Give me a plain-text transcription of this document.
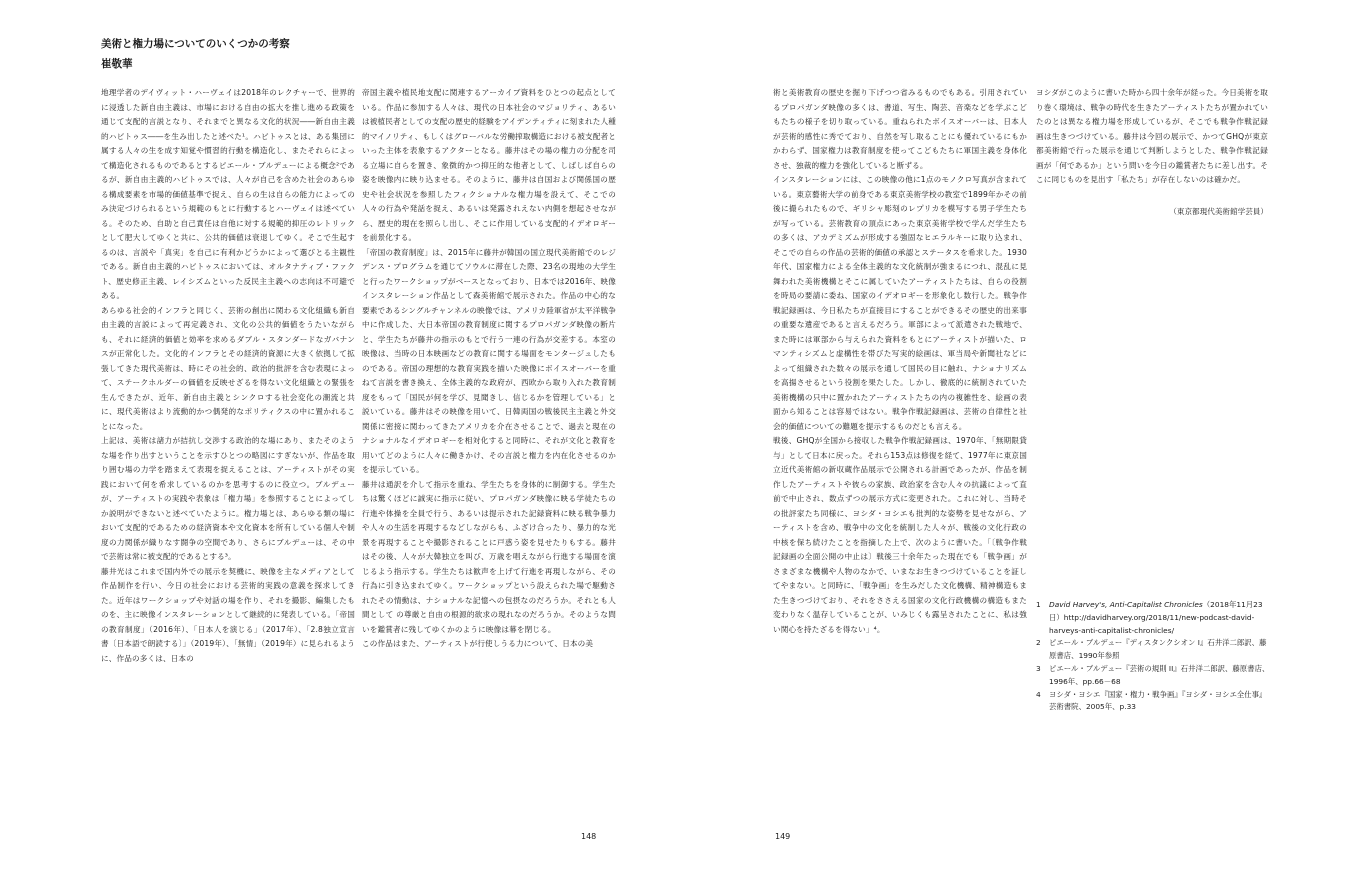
美術と権力場についてのいくつかの考察

崔敬華

地理学者のデイヴィット・ハーヴェイは2018年のレクチャーで、世界的に浸透した新自由主義は、市場における自由の拡大を推し進める政策を通じて支配的言説となり、それまでと異なる文化的状況――新自由主義的ハビトゥス――を生み出したと述べた¹。ハビトゥスとは、ある集団に属する人々の生を成す知覚や慣習的行動を構造化し、またそれらによって構造化されるものであるとするピエール・ブルデューによる概念²であるが、新自由主義的ハビトゥスでは、人々が自己を含めた社会のあらゆる構成要素を市場的価値基準で捉え、自らの生は自らの能力によってのみ決定づけられるという規範のもとに行動するとハーヴェイは述べている。そのため、自助と自己責任は自他に対する規範的抑圧のレトリックとして肥大してゆくと共に、公共的価値は衰退してゆく。そこで生起するのは、言説や「真実」を自己に有利かどうかによって選びとる主観性である。新自由主義的ハビトゥスにおいては、オルタナティブ・ファクト、歴史修正主義、レイシズムといった反民主主義への志向は不可避である。

あらゆる社会的インフラと同じく、芸術の創出に関わる文化組織も新自由主義的言説によって再定義され、文化の公共的価値をうたいながらも、それに経済的価値と効率を求めるダブル・スタンダードなガバナンスが正常化した。文化的インフラとその経済的資源に大きく依拠して拡張してきた現代美術は、時にその社会的、政治的批評を含む表現によって、ステークホルダーの価値を反映せざるを得ない文化組織との緊張を生んできたが、近年、新自由主義とシンクロする社会変化の潮流と共に、現代美術はより流動的かつ偶発的なポリティクスの中に置かれることになった。

上記は、美術は諸力が拮抗し交渉する政治的な場にあり、またそのような場を作り出すということを示すひとつの略図にすぎないが、作品を取り囲む場の力学を踏まえて表現を捉えることは、アーティストがその実践において何を希求しているのかを思考するのに役立つ。ブルデューが、アーティストの実践や表象は「権力場」を参照することによってしか説明ができないと述べていたように。権力場とは、あらゆる類の場において支配的であるための経済資本や文化資本を所有している個人や制度の力関係が織りなす闘争の空間であり、さらにブルデューは、その中で芸術は常に被支配的であるとする³。

藤井光はこれまで国内外での展示を契機に、映像を主なメディアとして作品制作を行い、今日の社会における芸術的実践の意義を探求してきた。近年はワークショップや対話の場を作り、それを撮影、編集したものを、主に映像インスタレーションとして継続的に発表している。「帝国の教育制度」（2016年）、「日本人を演じる」（2017年）、「2.8独立宣言書〔日本語で朗読する〕」（2019年）、「無情」（2019年）に見られるように、作品の多くは、日本の

帝国主義や植民地支配に関連するアーカイブ資料をひとつの起点としている。作品に参加する人々は、現代の日本社会のマジョリティ、あるいは被植民者としての支配の歴史的経験をアイデンティティに刻まれた人種的マイノリティ、もしくはグローバルな労働搾取構造における被支配者といった主体を表象するアクターとなる。藤井はその場の権力の分配を司る立場に自らを置き、象徴的かつ抑圧的な他者として、しばしば自らの姿を映像内に映り込ませる。そのように、藤井は自国および関係国の歴史や社会状況を参照したフィクショナルな権力場を設えて、そこでの人々の行為や発話を捉え、あるいは発露されえない内側を想起させながら、歴史的現在を照らし出し、そこに作用している支配的イデオロギーを前景化する。

「帝国の教育制度」は、2015年に藤井が韓国の国立現代美術館でのレジデンス・プログラムを通じてソウルに滞在した際、23名の現地の大学生と行ったワークショップがベースとなっており、日本では2016年、映像インスタレーション作品として森美術館で展示された。作品の中心的な要素であるシングルチャンネルの映像では、アメリカ陸軍省が太平洋戦争中に作成した、大日本帝国の教育制度に関するプロパガンダ映像の断片と、学生たちが藤井の指示のもとで行う一連の行為が交差する。本室の映像は、当時の日本映画などの教育に関する場面をモンタージュしたものである。帝国の理想的な教育実践を描いた映像にボイスオーバーを重ねて言説を書き換え、全体主義的な政府が、西欧から取り入れた教育制度をもって「国民が何を学び、見聞きし、信じるかを管理している」と説いている。藤井はその映像を用いて、日韓両国の戦後民主主義と外交関係に密接に関わってきたアメリカを介在させることで、過去と現在のナショナルなイデオロギーを相対化すると同時に、それが文化と教育を用いてどのように人々に働きかけ、その言説と権力を内在化させるのかを提示している。

藤井は通訳を介して指示を重ね、学生たちを身体的に制御する。学生たちは驚くほどに誠実に指示に従い、プロパガンダ映像に映る学徒たちの行進や体操を全員で行う、あるいは提示された記録資料に映る戦争暴力や人々の生活を再現するなどしながらも、ふざけ合ったり、暴力的な光景を再現することや撮影されることに戸惑う姿を見せたりもする。藤井はその後、人々が大韓独立を叫び、万歳を唱えながら行進する場面を演じるよう指示する。学生たちは歓声を上げて行進を再現しながら、その行為に引き込まれてゆく。ワークショップという設えられた場で駆動されたその情動は、ナショナルな記憶への包摂なのだろうか。それとも人間として の尊厳と自由の根源的欲求の現れなのだろうか。そのような問いを鑑賞者に残してゆくかのように映像は幕を閉じる。

この作品はまた、アーティストが行使しうる力について、日本の美

術と美術教育の歴史を掘り下げつつ省みるものでもある。引用されているプロパガンダ映像の多くは、書道、写生、陶芸、音楽などを学ぶこどもたちの様子を切り取っている。重ねられたボイスオーバーは、日本人が芸術的感性に秀でており、自然を写し取ることにも優れているにもかかわらず、国家権力は教育制度を使ってこどもたちに軍国主義を身体化させ、独裁的権力を強化していると断ずる。

インスタレーションには、この映像の他に1点のモノクロ写真が含まれている。東京藝術大学の前身である東京美術学校の教室で1899年かその前後に撮られたもので、ギリシャ彫刻のレプリカを模写する男子学生たちが写っている。芸術教育の頂点にあった東京美術学校で学んだ学生たちの多くは、アカデミズムが形成する強固なヒエラルキーに取り込まれ、そこでの自らの作品の芸術的価値の承認とステータスを希求した。1930年代、国家権力による全体主義的な文化統制が強まるにつれ、混乱に見舞われた美術機構とそこに属していたアーティストたちは、自らの役割を時局の要請に委ね、国家のイデオロギーを形象化し数行した。戦争作戦記録画は、今日私たちが直接目にすることができるその歴史的出来事の重要な遺産であると言えるだろう。軍部によって派遣された戦地で、また時には軍部から与えられた資料をもとにアーティストが描いた、ロマンティシズムと虚構性を帯びた写実的絵画は、軍当局や新聞社などによって組織された数々の展示を通して国民の目に触れ、ナショナリズムを高揚させるという役割を果たした。しかし、徹底的に統制されていた美術機構の只中に置かれたアーティストたちの内の複雑性を、絵画の表面から知ることは容易ではない。戦争作戦記録画は、芸術の自律性と社会的価値についての難題を提示するものだとも言える。

戦後、GHQが全国から接収した戦争作戦記録画は、1970年、「無期限貸与」として日本に戻った。それら153点は修復を経て、1977年に東京国立近代美術館の新収蔵作品展示で公開される計画であったが、作品を制作したアーティストや彼らの家族、政治家を含む人々の抗議によって直前で中止され、数点ずつの展示方式に変更された。これに対し、当時その批評家たち同様に、ヨシダ・ヨシエも批判的な姿勢を見せながら、アーティストを含め、戦争中の文化を統制した人々が、戦後の文化行政の中核を保ち続けたことを指摘した上で、次のように書いた。「〔戦争作戦記録画の全面公開の中止は〕戦後三十余年たった現在でも「戦争画」がさまざまな機構や人物のなかで、いまなお生きつづけていることを証してやまない。と同時に、「戦争画」を生みだした文化機構、精神構造もまた生きつづけており、それをささえる国家の文化行政機構の構造もまた変わりなく温存していることが、いみじくも露呈されたことに、私は強い関心を持たざるを得ない」⁴。

ヨシダがこのように書いた時から四十余年が経った。今日美術を取り巻く環境は、戦争の時代を生きたアーティストたちが置かれていたのとは異なる権力場を形成しているが、そこでも戦争作戦記録画は生きつづけている。藤井は今回の展示で、かつてGHQが東京都美術館で行った展示を通じて判断しようとした、戦争作戦記録画が「何であるか」という問いを今日の鑑賞者たちに差し出す。そこに同じものを見出す「私たち」が存在しないのは確かだ。

（東京都現代美術館学芸員）

1	David Harvey's, Anti-Capitalist Chronicles（2018年11月23日）http://davidharvey.org/2018/11/new-podcast-david-harveys-anti-capitalist-chronicles/

2	ピエール・ブルデュー『ディスタンクシオン I』石井洋二郎訳、藤原書店、1990年参照

3	ピエール・ブルデュー『芸術の規則 II』石井洋二郎訳、藤原書店、1996年、pp.66－68

4	ヨシダ・ヨシエ『国家・権力・戦争画』『ヨシダ・ヨシエ全仕事』芸術書院、2005年、p.33

148	149
